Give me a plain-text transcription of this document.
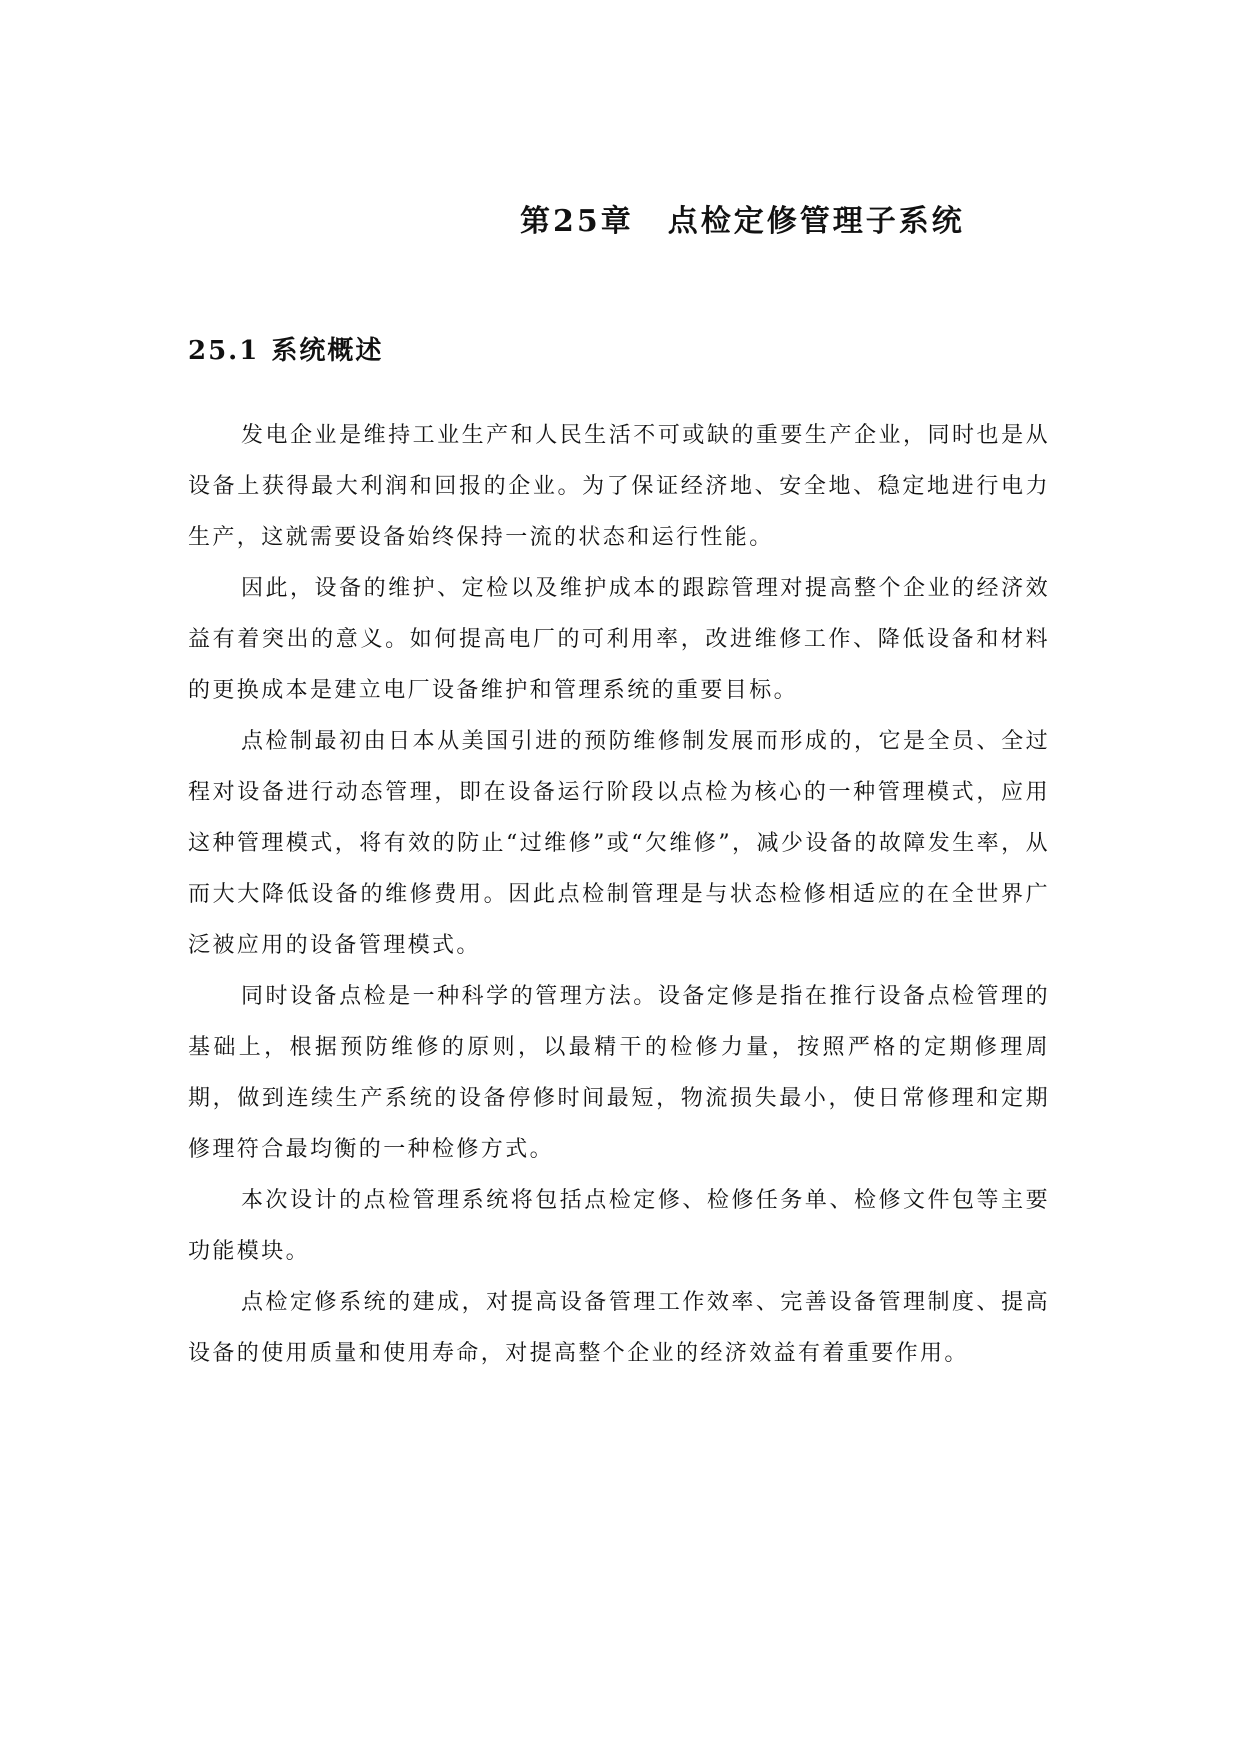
第25章 点检定修管理子系统
25.1 系统概述

发电企业是维持工业生产和人民生活不可或缺的重要生产企业，同时也是从设备上获得最大利润和回报的企业。为了保证经济地、安全地、稳定地进行电力生产，这就需要设备始终保持一流的状态和运行性能。

因此，设备的维护、定检以及维护成本的跟踪管理对提高整个企业的经济效益有着突出的意义。如何提高电厂的可利用率，改进维修工作、降低设备和材料的更换成本是建立电厂设备维护和管理系统的重要目标。

点检制最初由日本从美国引进的预防维修制发展而形成的，它是全员、全过程对设备进行动态管理，即在设备运行阶段以点检为核心的一种管理模式，应用这种管理模式，将有效的防止“过维修”或“欠维修”，减少设备的故障发生率，从而大大降低设备的维修费用。因此点检制管理是与状态检修相适应的在全世界广泛被应用的设备管理模式。

同时设备点检是一种科学的管理方法。设备定修是指在推行设备点检管理的基础上，根据预防维修的原则，以最精干的检修力量，按照严格的定期修理周期，做到连续生产系统的设备停修时间最短，物流损失最小，使日常修理和定期修理符合最均衡的一种检修方式。

本次设计的点检管理系统将包括点检定修、检修任务单、检修文件包等主要功能模块。

点检定修系统的建成，对提高设备管理工作效率、完善设备管理制度、提高设备的使用质量和使用寿命，对提高整个企业的经济效益有着重要作用。
